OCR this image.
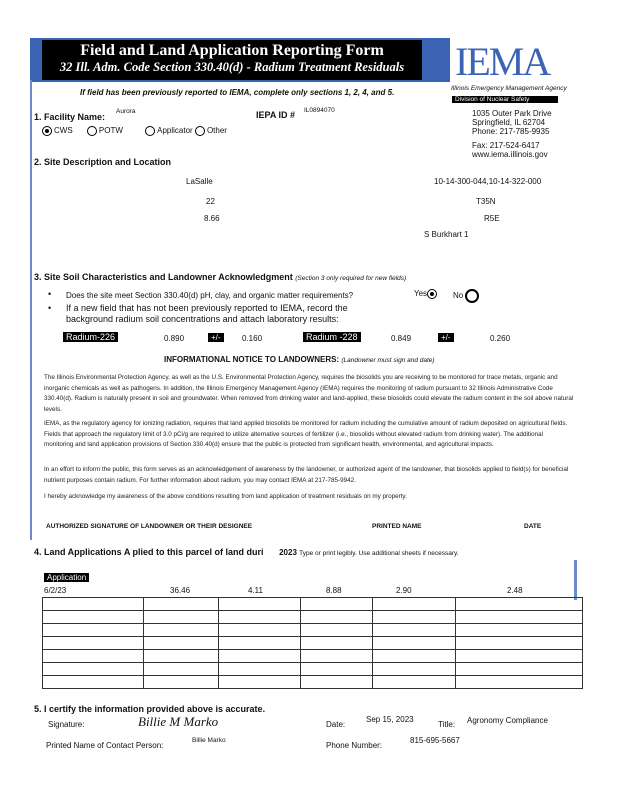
Field and Land Application Reporting Form
32 Ill. Adm. Code Section 330.40(d) - Radium Treatment Residuals	IEMA
Illinois Emergency Management Agency
Division of Nuclear Safety
1035 Outer Park Drive
Springfield, IL 62704
Phone: 217-785-9935
Fax: 217-524-6417
www.iema.illinois.gov
If field has been previously reported to IEMA, complete only sections 1, 2, 4, and 5.
1. Facility Name:
Aurora	IEPA ID # IL0894070
CWS	POTW	Applicator Other
2. Site Description and Location
LaSalle	10-14-300-044,10-14-322-000
22	T35N
8.66	R5E
S Burkhart 1
3. Site Soil Characteristics and Landowner Acknowledgment (Section 3 only required for new fields)
Does the site meet Section 330.40(d) pH, clay, and organic matter requirements?	Yes	No
•
• If a new field that has not been previously reported to IEMA, record the
background radium soil concentrations and attach laboratory results:
Radium-226	0.890	+/-	0.160	Radium -228	0.849	+/-	0.260
INFORMATIONAL NOTICE TO LANDOWNERS: (Landowner must sign and date)
The Illinois Environmental Protection Agency, as well as the U.S. Environmental Protection Agency, requires the biosolids you are receiving to be monitored for trace metals, organic and inorganic chemicals as well as pathogens. In addition, the Illinois Emergency Management Agency (IEMA) requires the monitoring of radium pursuant to 32 Illinois Administrative Code 330.40(d). Radium is naturally present in soil and groundwater. When removed from drinking water and land-applied, these biosolids could elevate the radium content in the soil above natural levels.
IEMA, as the regulatory agency for ionizing radiation, requires that land applied biosolids be monitored for radium including the cumulative amount of radium deposited on agricultural fields. Fields that approach the regulatory limit of 3.0 pCi/g are required to utilize alternative sources of fertilizer (i.e., biosolids without elevated radium from drinking water). The additional monitoring and land application provisions of Section 330.40(d) ensure that the public is protected from significant health, environmental, and agricultural impacts.
In an effort to inform the public, this form serves as an acknowledgement of awareness by the landowner, or authorized agent of the landowner, that biosolids applied to field(s) for beneficial nutrient purposes contain radium. For further information about radium, you may contact IEMA at 217-785-9942.
I hereby acknowledge my awareness of the above conditions resulting from land application of treatment residuals on my property.
AUTHORIZED SIGNATURE OF LANDOWNER OR THEIR DESIGNEE	PRINTED NAME	DATE
4. Land Applications A plied to this parcel of land duri 2023 Type or print legibly. Use additional sheets if necessary.
Application
6/2/23	36.46	4.11	8.88	2.90	2.48

5. I certify the information provided above is accurate.
Signature:	Billie M Marko	Date:
Sep 15, 2023
Title: Agronomy Compliance
Printed Name of Contact Person:
Billie Marko
Phone Number:
815-695-5667
